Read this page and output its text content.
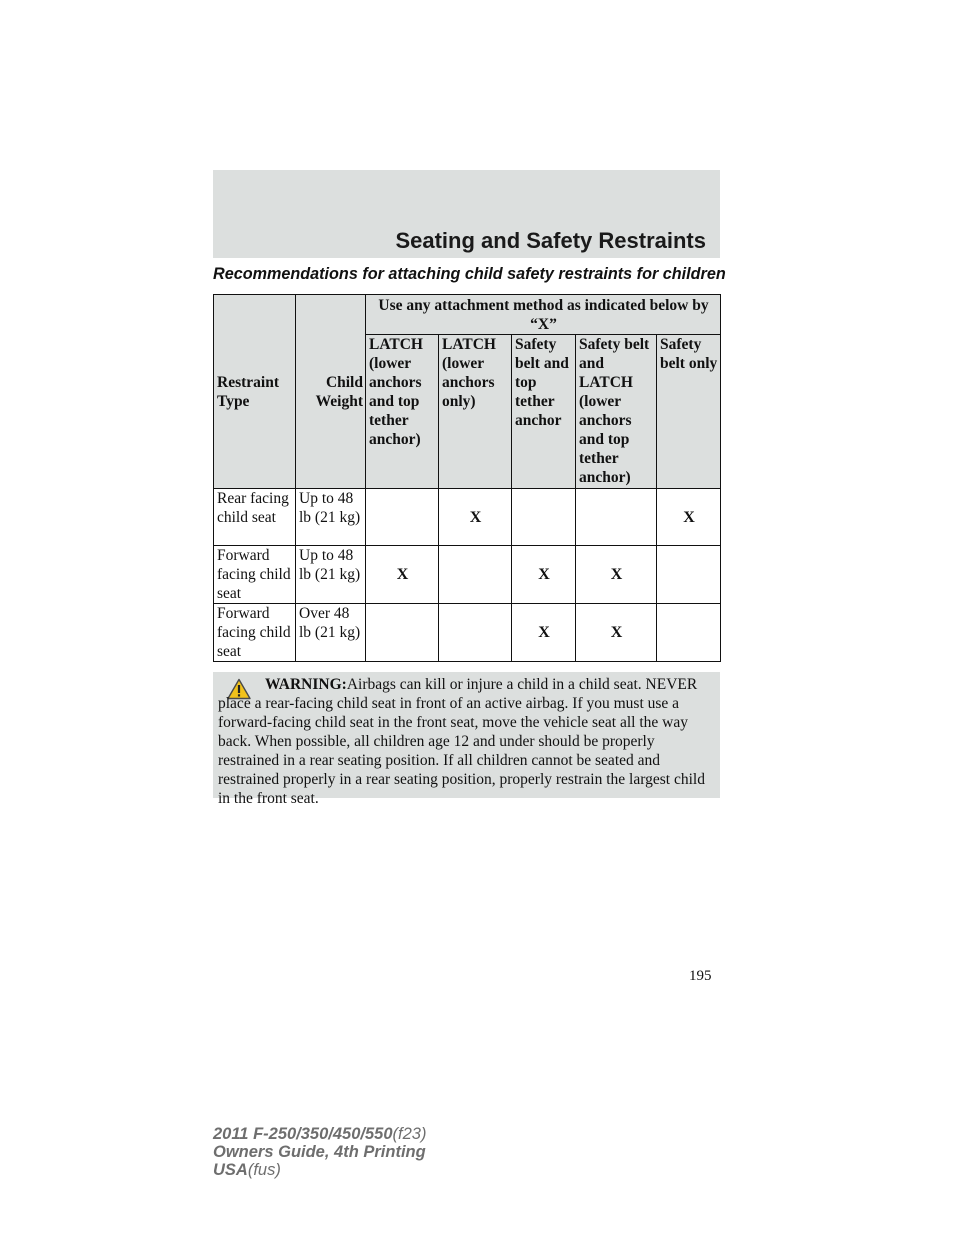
Seating and Safety Restraints
Recommendations for attaching child safety restraints for children
Restraint Type	Child Weight	Use any attachment method as indicated below by “X”				
		LATCH (lower anchors and top tether anchor)	LATCH (lower anchors only)	Safety belt and top tether anchor	Safety belt and LATCH (lower anchors and top tether anchor)	Safety belt only
Rear facing child seat	Up to 48 lb (21 kg)		X			X
Forward facing child seat	Up to 48 lb (21 kg)	X		X	X	
Forward facing child seat	Over 48 lb (21 kg)			X	X	
WARNING:Airbags can kill or injure a child in a child seat. NEVER place a rear-facing child seat in front of an active airbag. If you must use a forward-facing child seat in the front seat, move the vehicle seat all the way back. When possible, all children age 12 and under should be properly restrained in a rear seating position. If all children cannot be seated and restrained properly in a rear seating position, properly restrain the largest child in the front seat.
195
2011 F-250/350/450/550(f23)
Owners Guide, 4th Printing
USA(fus)
